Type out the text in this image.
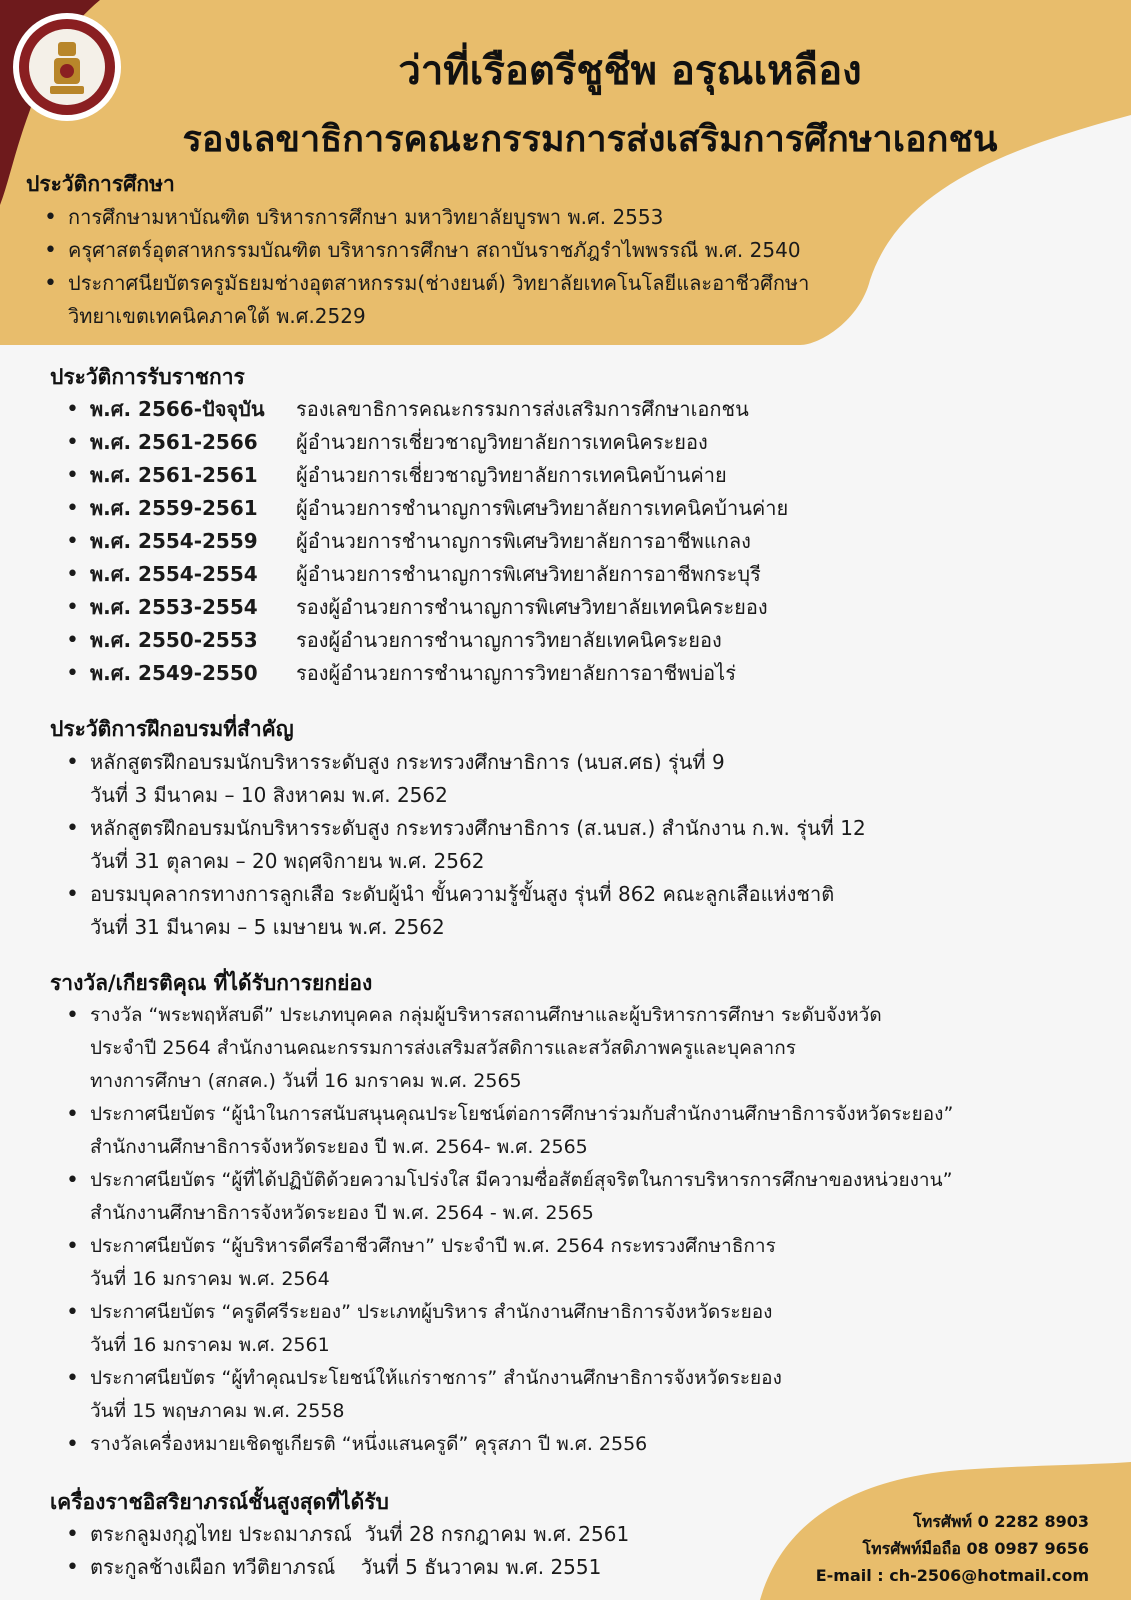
ว่าที่เรือตรีชูชีพ อรุณเหลือง
รองเลขาธิการคณะกรรมการส่งเสริมการศึกษาเอกชน
ประวัติการศึกษา
• การศึกษามหาบัณฑิต บริหารการศึกษา มหาวิทยาลัยบูรพา พ.ศ. 2553
• ครุศาสตร์อุตสาหกรรมบัณฑิต บริหารการศึกษา สถาบันราชภัฎรำไพพรรณี พ.ศ. 2540
• ประกาศนียบัตรครูมัธยมช่างอุตสาหกรรม(ช่างยนต์) วิทยาลัยเทคโนโลยีและอาชีวศึกษา
วิทยาเขตเทคนิคภาคใต้ พ.ศ.2529
ประวัติการรับราชการ
• พ.ศ. 2566-ปัจจุบัน รองเลขาธิการคณะกรรมการส่งเสริมการศึกษาเอกชน
• พ.ศ. 2561-2566 ผู้อำนวยการเชี่ยวชาญวิทยาลัยการเทคนิคระยอง
• พ.ศ. 2561-2561 ผู้อำนวยการเชี่ยวชาญวิทยาลัยการเทคนิคบ้านค่าย
• พ.ศ. 2559-2561 ผู้อำนวยการชำนาญการพิเศษวิทยาลัยการเทคนิคบ้านค่าย
• พ.ศ. 2554-2559 ผู้อำนวยการชำนาญการพิเศษวิทยาลัยการอาชีพแกลง
• พ.ศ. 2554-2554 ผู้อำนวยการชำนาญการพิเศษวิทยาลัยการอาชีพกระบุรี
• พ.ศ. 2553-2554 รองผู้อำนวยการชำนาญการพิเศษวิทยาลัยเทคนิคระยอง
• พ.ศ. 2550-2553 รองผู้อำนวยการชำนาญการวิทยาลัยเทคนิคระยอง
• พ.ศ. 2549-2550 รองผู้อำนวยการชำนาญการวิทยาลัยการอาชีพบ่อไร่
ประวัติการฝึกอบรมที่สำคัญ
• หลักสูตรฝึกอบรมนักบริหารระดับสูง กระทรวงศึกษาธิการ (นบส.ศธ) รุ่นที่ 9
วันที่ 3 มีนาคม – 10 สิงหาคม พ.ศ. 2562
• หลักสูตรฝึกอบรมนักบริหารระดับสูง กระทรวงศึกษาธิการ (ส.นบส.) สำนักงาน ก.พ. รุ่นที่ 12
วันที่ 31 ตุลาคม – 20 พฤศจิกายน พ.ศ. 2562
• อบรมบุคลากรทางการลูกเสือ ระดับผู้นำ ขั้นความรู้ขั้นสูง รุ่นที่ 862 คณะลูกเสือแห่งชาติ
วันที่ 31 มีนาคม – 5 เมษายน พ.ศ. 2562
รางวัล/เกียรติคุณ ที่ได้รับการยกย่อง
• รางวัล “พระพฤหัสบดี” ประเภทบุคคล กลุ่มผู้บริหารสถานศึกษาและผู้บริหารการศึกษา ระดับจังหวัด
ประจำปี 2564 สำนักงานคณะกรรมการส่งเสริมสวัสดิการและสวัสดิภาพครูและบุคลากร
ทางการศึกษา (สกสค.) วันที่ 16 มกราคม พ.ศ. 2565
• ประกาศนียบัตร “ผู้นำในการสนับสนุนคุณประโยชน์ต่อการศึกษาร่วมกับสำนักงานศึกษาธิการจังหวัดระยอง”
สำนักงานศึกษาธิการจังหวัดระยอง ปี พ.ศ. 2564- พ.ศ. 2565
• ประกาศนียบัตร “ผู้ที่ได้ปฏิบัติด้วยความโปร่งใส มีความซื่อสัตย์สุจริตในการบริหารการศึกษาของหน่วยงาน”
สำนักงานศึกษาธิการจังหวัดระยอง ปี พ.ศ. 2564 - พ.ศ. 2565
• ประกาศนียบัตร “ผู้บริหารดีศรีอาชีวศึกษา” ประจำปี พ.ศ. 2564 กระทรวงศึกษาธิการ
วันที่ 16 มกราคม พ.ศ. 2564
• ประกาศนียบัตร “ครูดีศรีระยอง” ประเภทผู้บริหาร สำนักงานศึกษาธิการจังหวัดระยอง
วันที่ 16 มกราคม พ.ศ. 2561
• ประกาศนียบัตร “ผู้ทำคุณประโยชน์ให้แก่ราชการ” สำนักงานศึกษาธิการจังหวัดระยอง
วันที่ 15 พฤษภาคม พ.ศ. 2558
• รางวัลเครื่องหมายเชิดชูเกียรติ “หนึ่งแสนครูดี” คุรุสภา ปี พ.ศ. 2556
เครื่องราชอิสริยาภรณ์ชั้นสูงสุดที่ได้รับ
• ตระกลูมงกุฎไทย ประถมาภรณ์  วันที่ 28 กรกฎาคม พ.ศ. 2561
• ตระกูลช้างเผือก ทวีติยาภรณ์    วันที่ 5 ธันวาคม พ.ศ. 2551
โทรศัพท์ 0 2282 8903
โทรศัพท์มือถือ 08 0987 9656
E-mail : ch-2506@hotmail.com
